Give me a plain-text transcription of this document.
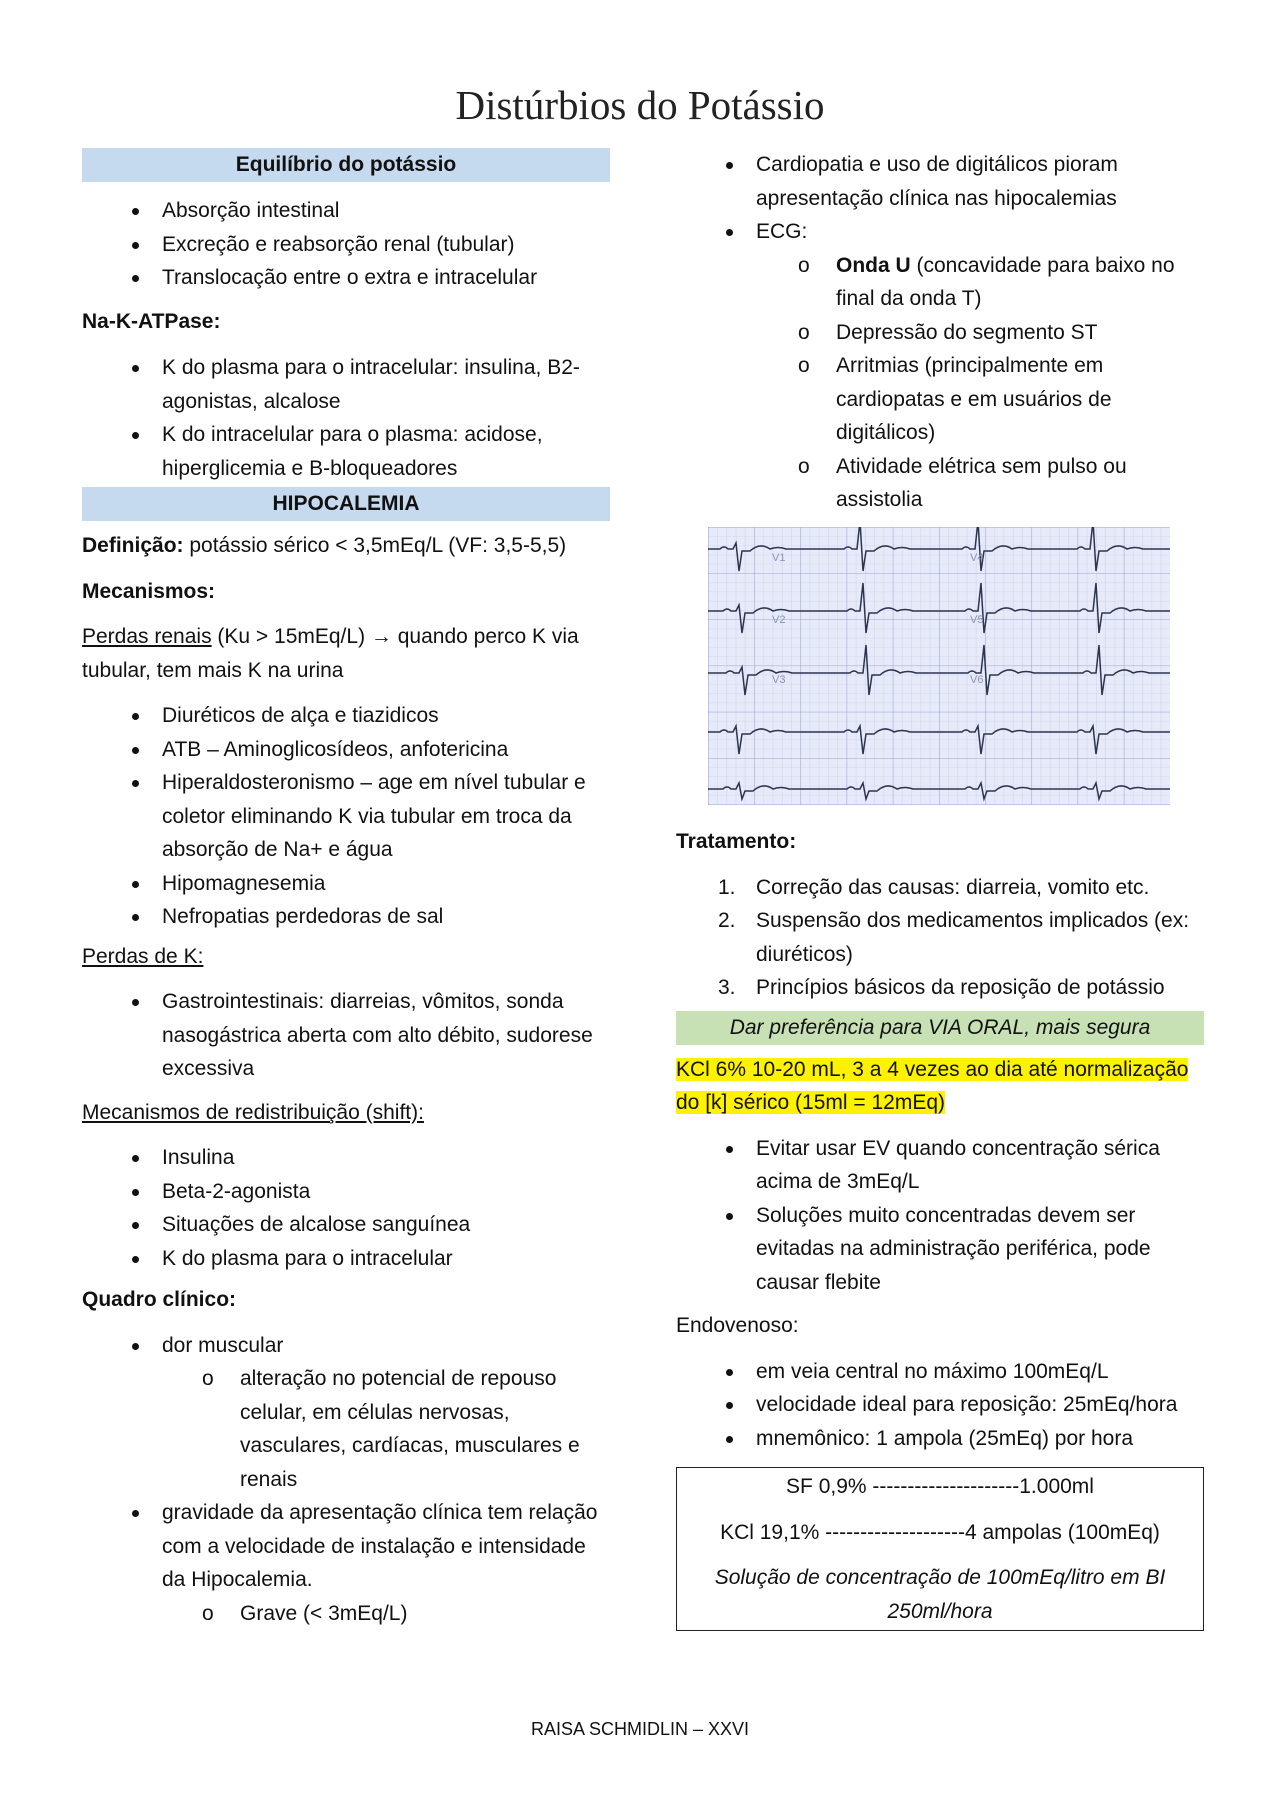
Distúrbios do Potássio
Equilíbrio do potássio
Absorção intestinal
Excreção e reabsorção renal (tubular)
Translocação entre o extra e intracelular

Na-K-ATPase:

K do plasma para o intracelular: insulina, B2-agonistas, alcalose
K do intracelular para o plasma: acidose, hiperglicemia e B-bloqueadores
HIPOCALEMIA

Definição: potássio sérico < 3,5mEq/L (VF: 3,5-5,5)

Mecanismos:

Perdas renais (Ku > 15mEq/L) → quando perco K via tubular, tem mais K na urina

Diuréticos de alça e tiazidicos
ATB – Aminoglicosídeos, anfotericina
Hiperaldosteronismo – age em nível tubular e coletor eliminando K via tubular em troca da absorção de Na+ e água
Hipomagnesemia
Nefropatias perdedoras de sal

Perdas de K:

Gastrointestinais: diarreias, vômitos, sonda nasogástrica aberta com alto débito, sudorese excessiva

Mecanismos de redistribuição (shift):

Insulina
Beta-2-agonista
Situações de alcalose sanguínea
K do plasma para o intracelular

Quadro clínico:

dor muscular
o alteração no potencial de repouso celular, em células nervosas, vasculares, cardíacas, musculares e renais
gravidade da apresentação clínica tem relação com a velocidade de instalação e intensidade da Hipocalemia.
o Grave (< 3mEq/L)
Cardiopatia e uso de digitálicos pioram apresentação clínica nas hipocalemias
ECG:
o Onda U (concavidade para baixo no final da onda T)
o Depressão do segmento ST
o Arritmias (principalmente em cardiopatas e em usuários de digitálicos)
o Atividade elétrica sem pulso ou assistolia
V1
V2
V3
V4
V5
V6

Tratamento:

1. Correção das causas: diarreia, vomito etc.
2. Suspensão dos medicamentos implicados (ex: diuréticos)
3. Princípios básicos da reposição de potássio
Dar preferência para VIA ORAL, mais segura

KCl 6% 10-20 mL, 3 a 4 vezes ao dia até normalização
do [k] sérico (15ml = 12mEq)

Evitar usar EV quando concentração sérica acima de 3mEq/L
Soluções muito concentradas devem ser evitadas na administração periférica, pode causar flebite

Endovenoso:

em veia central no máximo 100mEq/L
velocidade ideal para reposição: 25mEq/hora
mnemônico: 1 ampola (25mEq) por hora
SF 0,9% ---------------------1.000ml
KCl 19,1% --------------------4 ampolas (100mEq)
Solução de concentração de 100mEq/litro em BI 250ml/hora
RAISA SCHMIDLIN – XXVI
